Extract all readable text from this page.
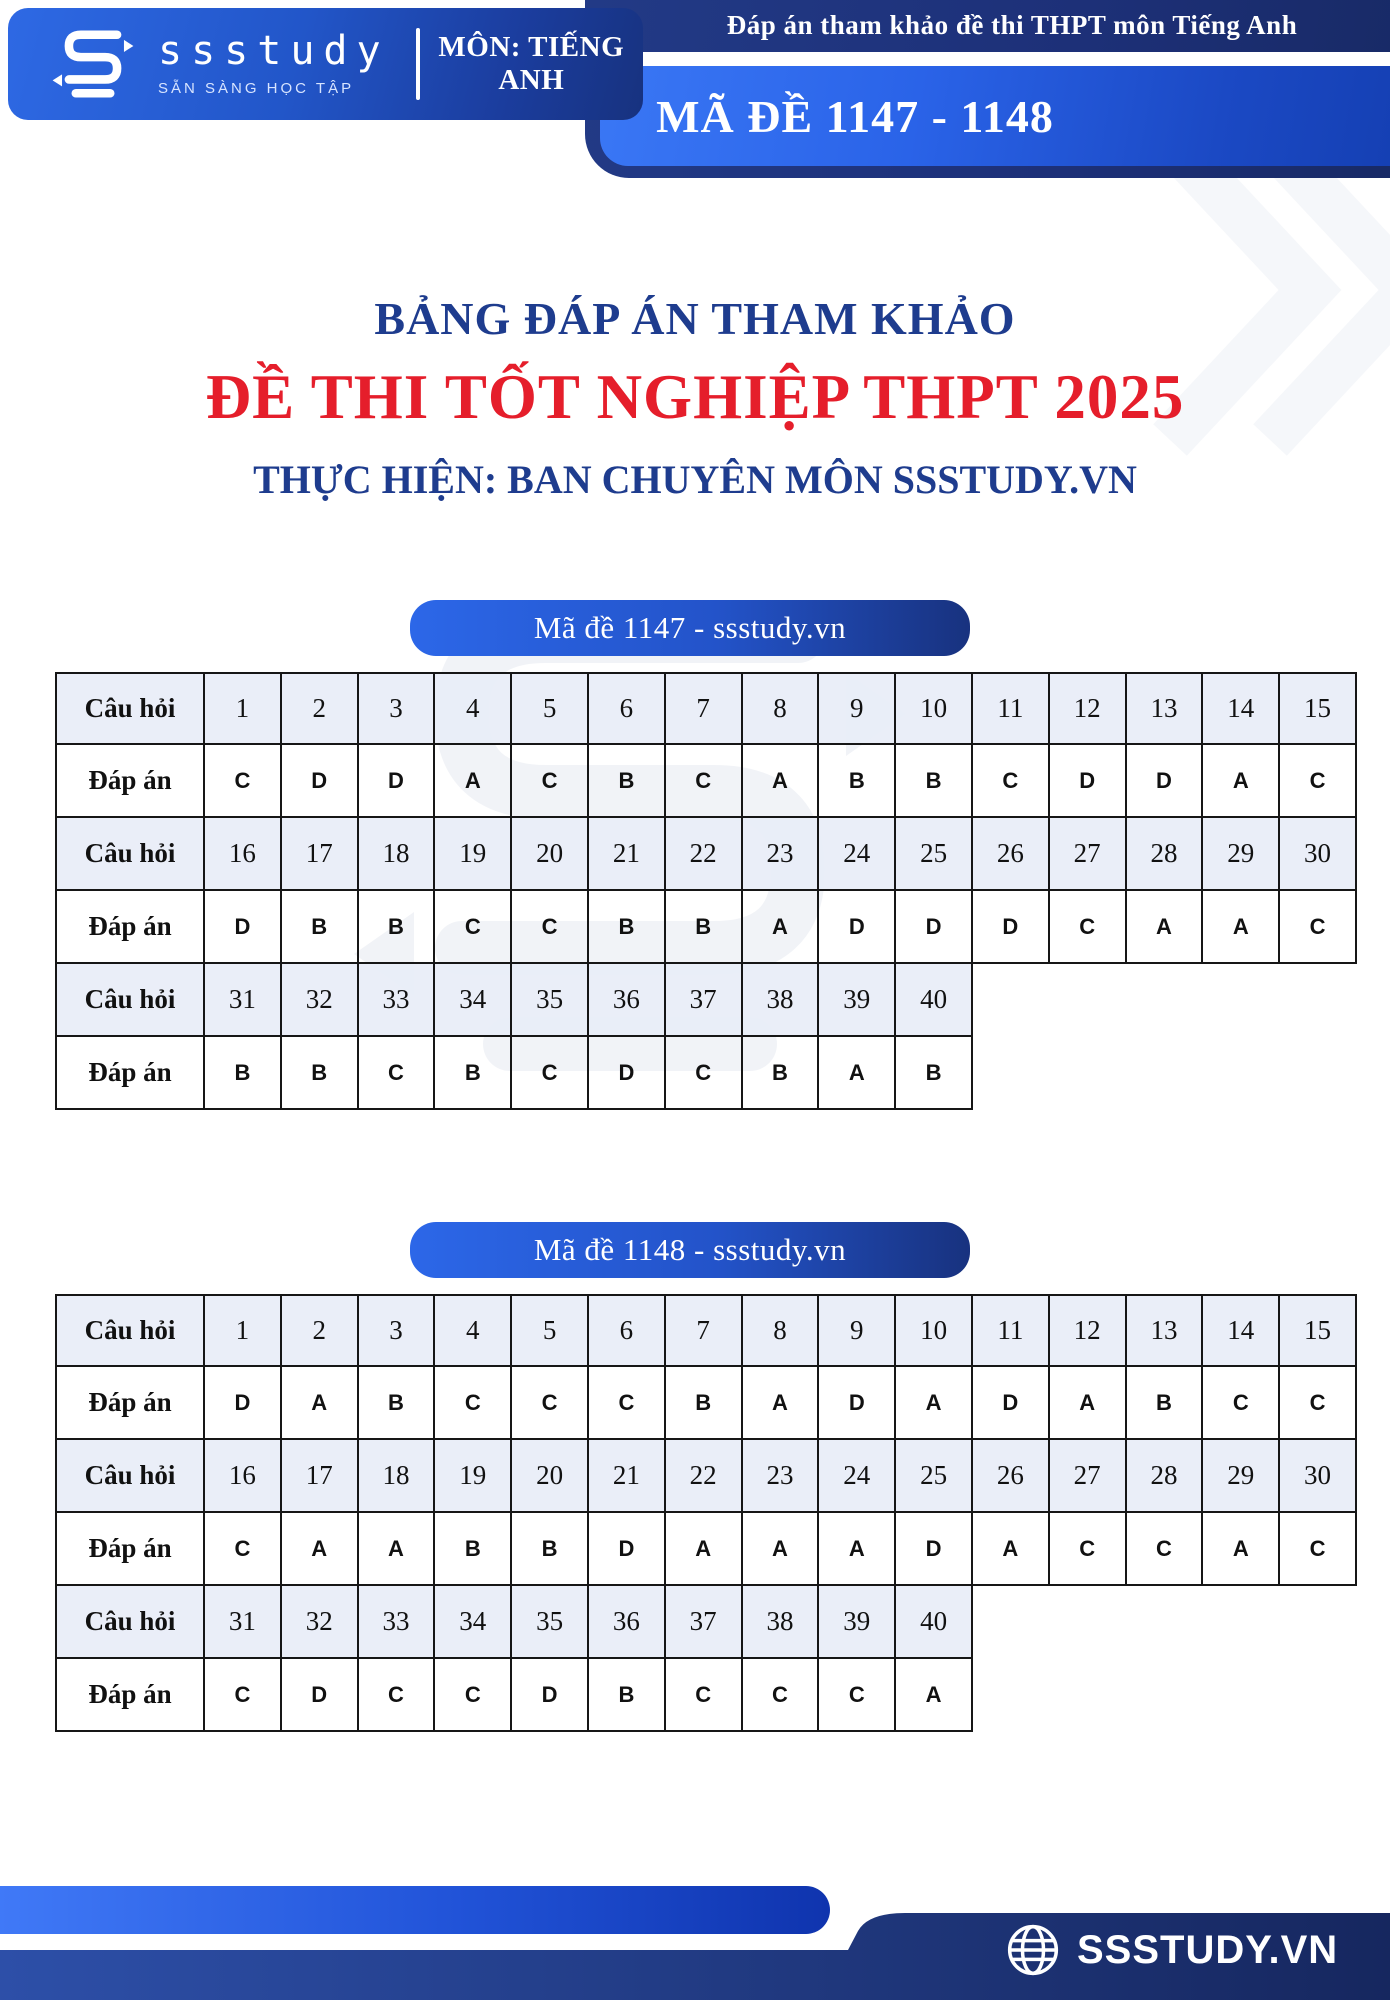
Đáp án tham khảo đề thi THPT môn Tiếng Anh
MÃ ĐỀ 1147 - 1148
ssstudy
SẴN SÀNG HỌC TẬP
MÔN: TIẾNG ANH
BẢNG ĐÁP ÁN THAM KHẢO
ĐỀ THI TỐT NGHIỆP THPT 2025
THỰC HIỆN: BAN CHUYÊN MÔN SSSTUDY.VN
Mã đề 1147 - ssstudy.vn
Câu hỏi	1	2	3	4	5	6	7	8	9	10	11	12	13	14	15
Đáp án	C	D	D	A	C	B	C	A	B	B	C	D	D	A	C
Câu hỏi	16	17	18	19	20	21	22	23	24	25	26	27	28	29	30
Đáp án	D	B	B	C	C	B	B	A	D	D	D	C	A	A	C
Câu hỏi	31	32	33	34	35	36	37	38	39	40
Đáp án	B	B	C	B	C	D	C	B	A	B
Mã đề 1148 - ssstudy.vn
Câu hỏi	1	2	3	4	5	6	7	8	9	10	11	12	13	14	15
Đáp án	D	A	B	C	C	C	B	A	D	A	D	A	B	C	C
Câu hỏi	16	17	18	19	20	21	22	23	24	25	26	27	28	29	30
Đáp án	C	A	A	B	B	D	A	A	A	D	A	C	C	A	C
Câu hỏi	31	32	33	34	35	36	37	38	39	40
Đáp án	C	D	C	C	D	B	C	C	C	A
SSSTUDY.VN
